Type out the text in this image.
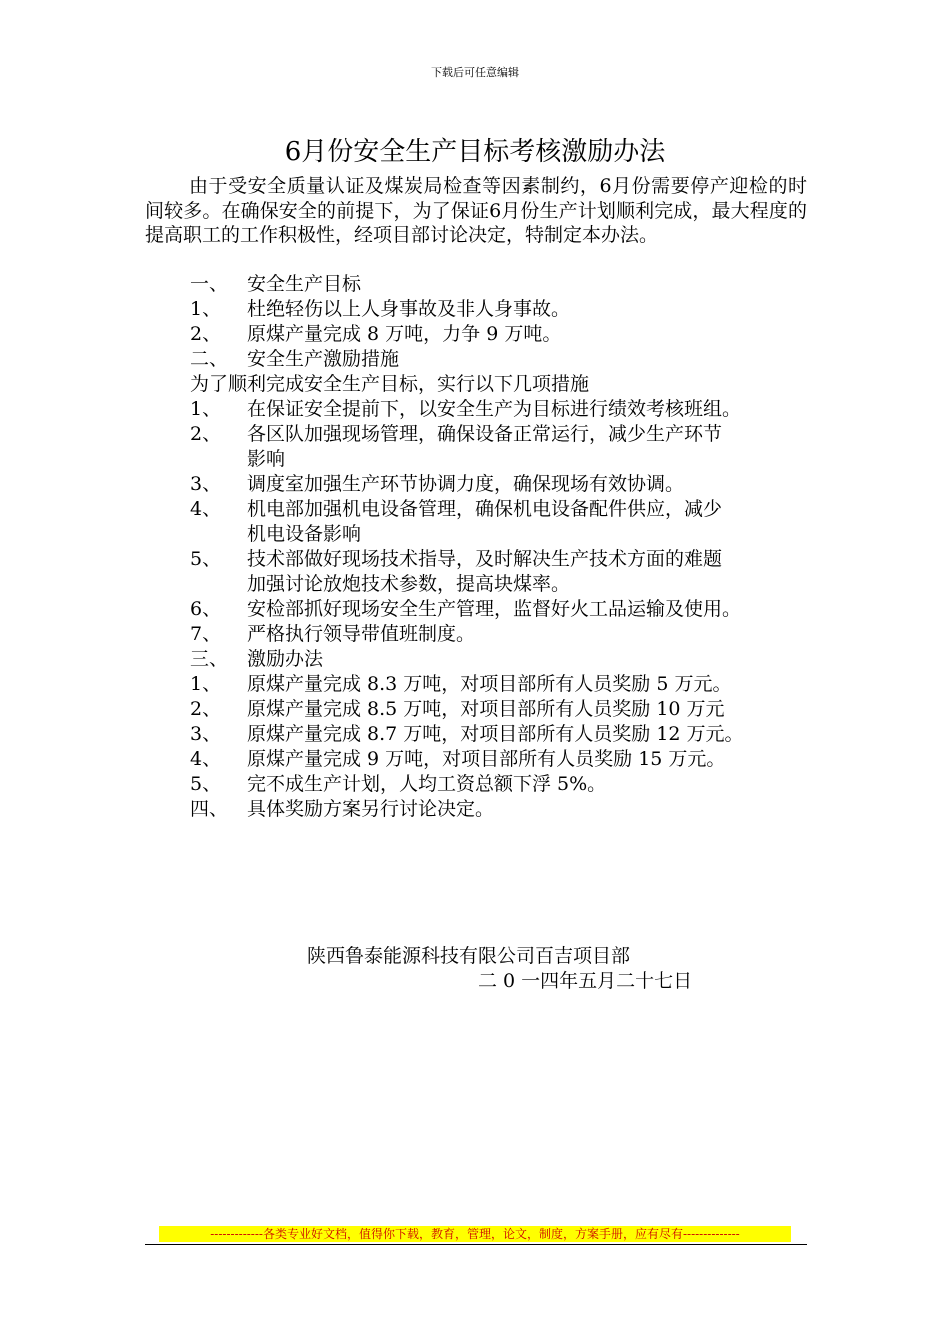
下载后可任意编辑
6月份安全生产目标考核激励办法

由于受安全质量认证及煤炭局检查等因素制约，6月份需要停产迎检的时间较多。在确保安全的前提下，为了保证6月份生产计划顺利完成，最大程度的提高职工的工作积极性，经项目部讨论决定，特制定本办法。

一、 安全生产目标
1、 杜绝轻伤以上人身事故及非人身事故。
2、 原煤产量完成 8 万吨，力争 9 万吨。
二、 安全生产激励措施
为了顺利完成安全生产目标，实行以下几项措施
1、 在保证安全提前下，以安全生产为目标进行绩效考核班组。
2、 各区队加强现场管理，确保设备正常运行，减少生产环节
影响
3、 调度室加强生产环节协调力度，确保现场有效协调。
4、 机电部加强机电设备管理，确保机电设备配件供应，减少
机电设备影响
5、 技术部做好现场技术指导，及时解决生产技术方面的难题
加强讨论放炮技术参数，提高块煤率。
6、 安检部抓好现场安全生产管理，监督好火工品运输及使用。
7、 严格执行领导带值班制度。
三、 激励办法
1、 原煤产量完成 8.3 万吨，对项目部所有人员奖励 5 万元。
2、 原煤产量完成 8.5 万吨，对项目部所有人员奖励 10 万元
3、 原煤产量完成 8.7 万吨，对项目部所有人员奖励 12 万元。
4、 原煤产量完成 9 万吨，对项目部所有人员奖励 15 万元。
5、 完不成生产计划，人均工资总额下浮 5%。
四、 具体奖励方案另行讨论决定。
陕西鲁泰能源科技有限公司百吉项目部
二 0 一四年五月二十七日
-------------各类专业好文档，值得你下载，教育，管理，论文，制度，方案手册，应有尽有--------------
